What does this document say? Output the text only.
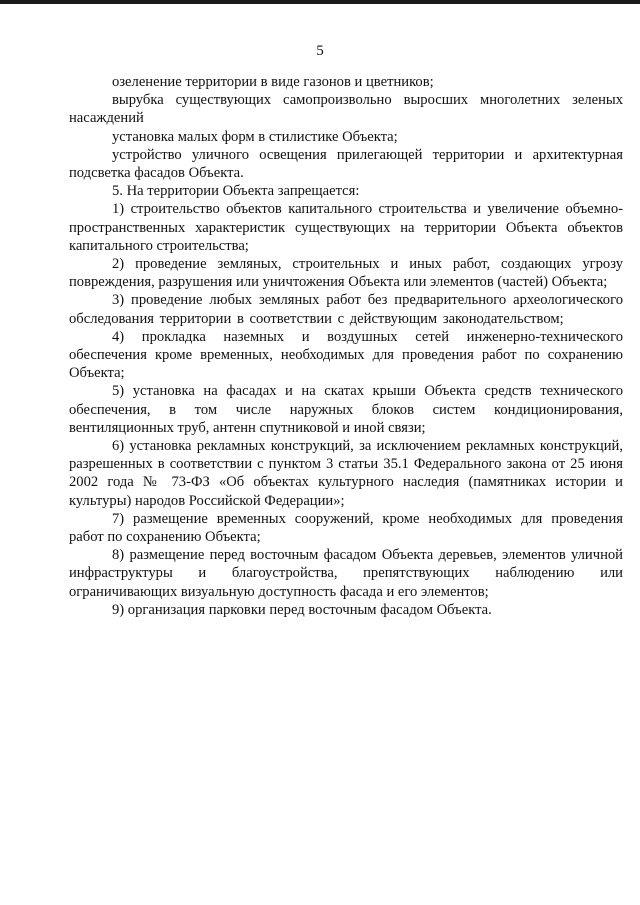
5

озеленение территории в виде газонов и цветников;

вырубка существующих самопроизвольно выросших многолетних зеленых насаждений

установка малых форм в стилистике Объекта;

устройство уличного освещения прилегающей территории и архитектурная подсветка фасадов Объекта.

5. На территории Объекта запрещается:

1) строительство объектов капитального строительства и увеличение объемно-пространственных характеристик существующих на территории Объекта объектов капитального строительства;

2) проведение земляных, строительных и иных работ, создающих угрозу повреждения, разрушения или уничтожения Объекта или элементов (частей) Объекта;

3) проведение любых земляных работ без предварительного археологического обследования территории в соответствии с действующим законодательством;

4) прокладка наземных и воздушных сетей инженерно-технического обеспечения кроме временных, необходимых для проведения работ по сохранению Объекта;

5) установка на фасадах и на скатах крыши Объекта средств технического обеспечения, в том числе наружных блоков систем кондиционирования, вентиляционных труб, антенн спутниковой и иной связи;

6) установка рекламных конструкций, за исключением рекламных конструкций, разрешенных в соответствии с пунктом 3 статьи 35.1 Федерального закона от 25 июня 2002 года № 73-ФЗ «Об объектах культурного наследия (памятниках истории и культуры) народов Российской Федерации»;

7) размещение временных сооружений, кроме необходимых для проведения работ по сохранению Объекта;

8) размещение перед восточным фасадом Объекта деревьев, элементов уличной инфраструктуры и благоустройства, препятствующих наблюдению или ограничивающих визуальную доступность фасада и его элементов;

9) организация парковки перед восточным фасадом Объекта.
